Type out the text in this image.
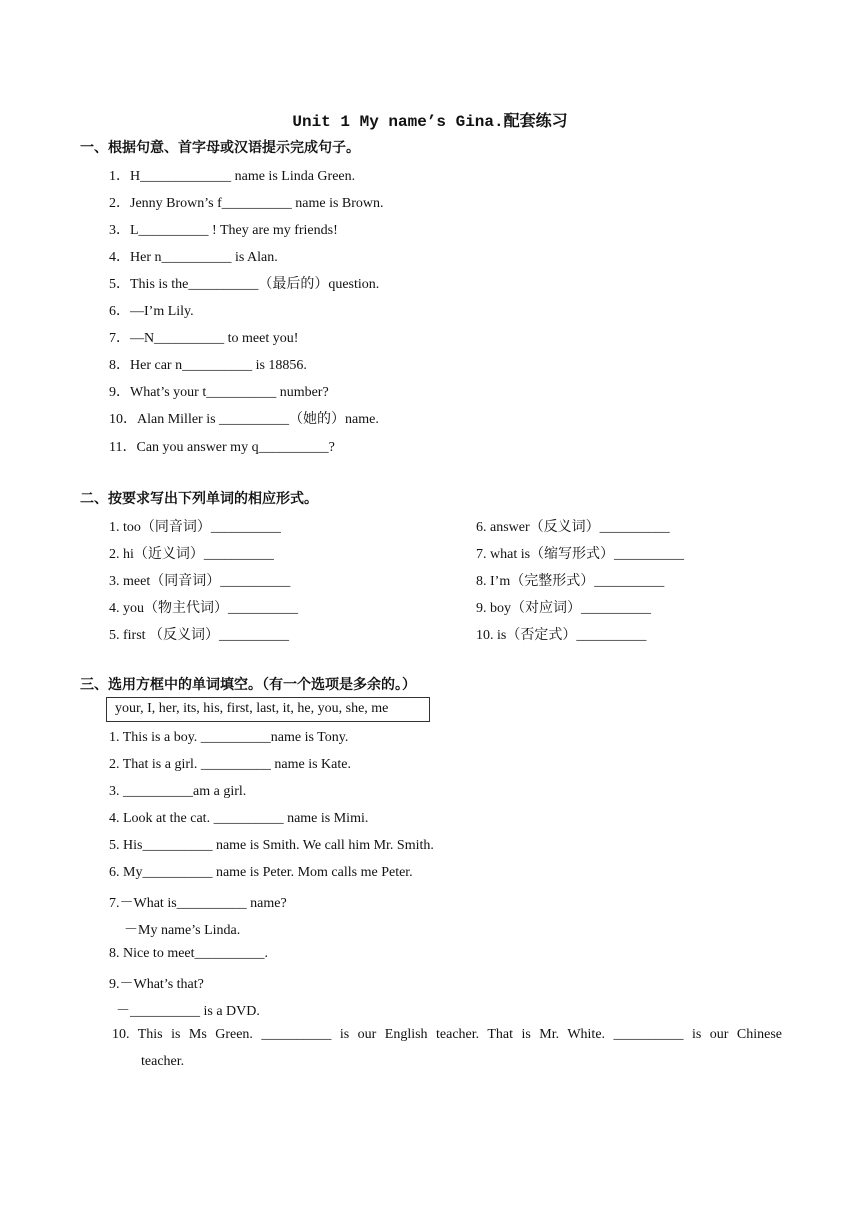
Unit 1 My name’s Gina.配套练习
一、根据句意、首字母或汉语提示完成句子。
1．H_____________ name is Linda Green.
2．Jenny Brown’s f__________ name is Brown.
3．L__________ ! They are my friends!
4．Her n__________ is Alan.
5．This is the__________（最后的）question.
6．—I’m Lily.
7．—N__________ to meet you!
8．Her car n__________ is 18856.
9．What’s your t__________ number?
10．Alan Miller is __________（她的）name.
11．Can you answer my q__________?
二、按要求写出下列单词的相应形式。
1. too（同音词）__________
2. hi（近义词）__________
3. meet（同音词）__________
4. you（物主代词）__________
5. first （反义词）__________
6. answer（反义词）__________
7. what is（缩写形式）__________
8. I’m（完整形式）__________
9. boy（对应词）__________
10. is（否定式）__________
三、选用方框中的单词填空。（有一个选项是多余的。）
your, I, her, its, his, first, last, it, he, you, she, me
1. This is a boy. __________name is Tony.
2. That is a girl. __________ name is Kate.
3. __________am a girl.
4. Look at the cat. __________ name is Mimi.
5. His__________ name is Smith. We call him Mr. Smith.
6. My__________ name is Peter. Mom calls me Peter.
7.－What is__________ name?
－My name’s Linda.
8. Nice to meet__________.
9.－What’s that?
－__________ is a DVD.
10. This is Ms Green. __________ is our English teacher. That is Mr. White. __________ is our Chinese
teacher.
